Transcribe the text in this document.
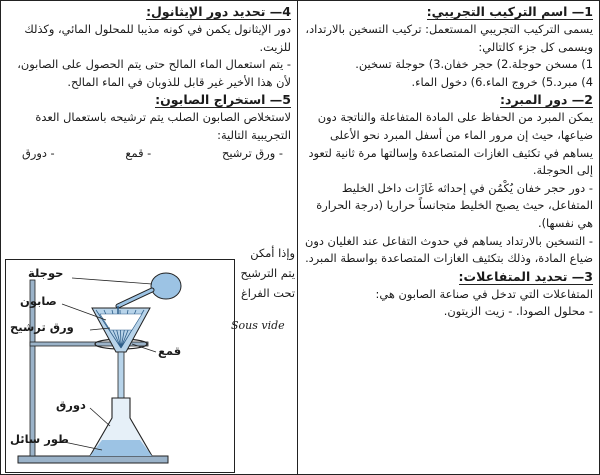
1— اسم التركيب التجريبي:

يسمى التركيب التجريبي المستعمل: تركيب التسخين بالارتداد، ويسمى كل جزء كالتالي:

1) مسخن حوجلة.2) حجر خفان.3) حوجلة تسخين.

4) مبرد.5) خروج الماء.6) دخول الماء.

2— دور المبرد:

يمكن المبرد من الحفاظ على المادة المتفاعلة والناتجة دون ضياعها، حيث إن مرور الماء من أسفل المبرد نحو الأعلى يساهم في تكثيف الغازات المتصاعدة وإسالتها مرة ثانية لتعود إلى الحوجلة.

- دور حجر خفان يُكْمُن في إحداثه غَازَات داخل الخليط المتفاعل، حيث يصبح الخليط متجانساً حراريا (درجة الحرارة هي نفسها).

- التسخين بالارتداد يساهم في حدوث التفاعل عند الغليان دون ضياع المادة، وذلك بتكثيف الغازات المتصاعدة بواسطة المبرد.

3— تحديد المتفاعلات:

المتفاعلات التي تدخل في صناعة الصابون هي:

- محلول الصودا. - زيت الزيتون.

4— تحديد دور الإيثانول:

دور الإيثانول يكمن في كونه مذيبا للمحلول المائي، وكذلك للزيت.

- يتم استعمال الماء المالح حتى يتم الحصول على الصابون، لأن هذا الأخير غير قابل للذوبان في الماء المالح.

5— استخراج الصابون:

لاستخلاص الصابون الصلب يتم ترشيحه باستعمال العدة التجريبية التالية:

- ورق ترشيح
- قمع
- دورق
وإذا أمكن يتم الترشيح تحت الفراغ
Sous vide
حوجلة
صابون
ورق ترشيح
قمع
دورق
طور سائل
